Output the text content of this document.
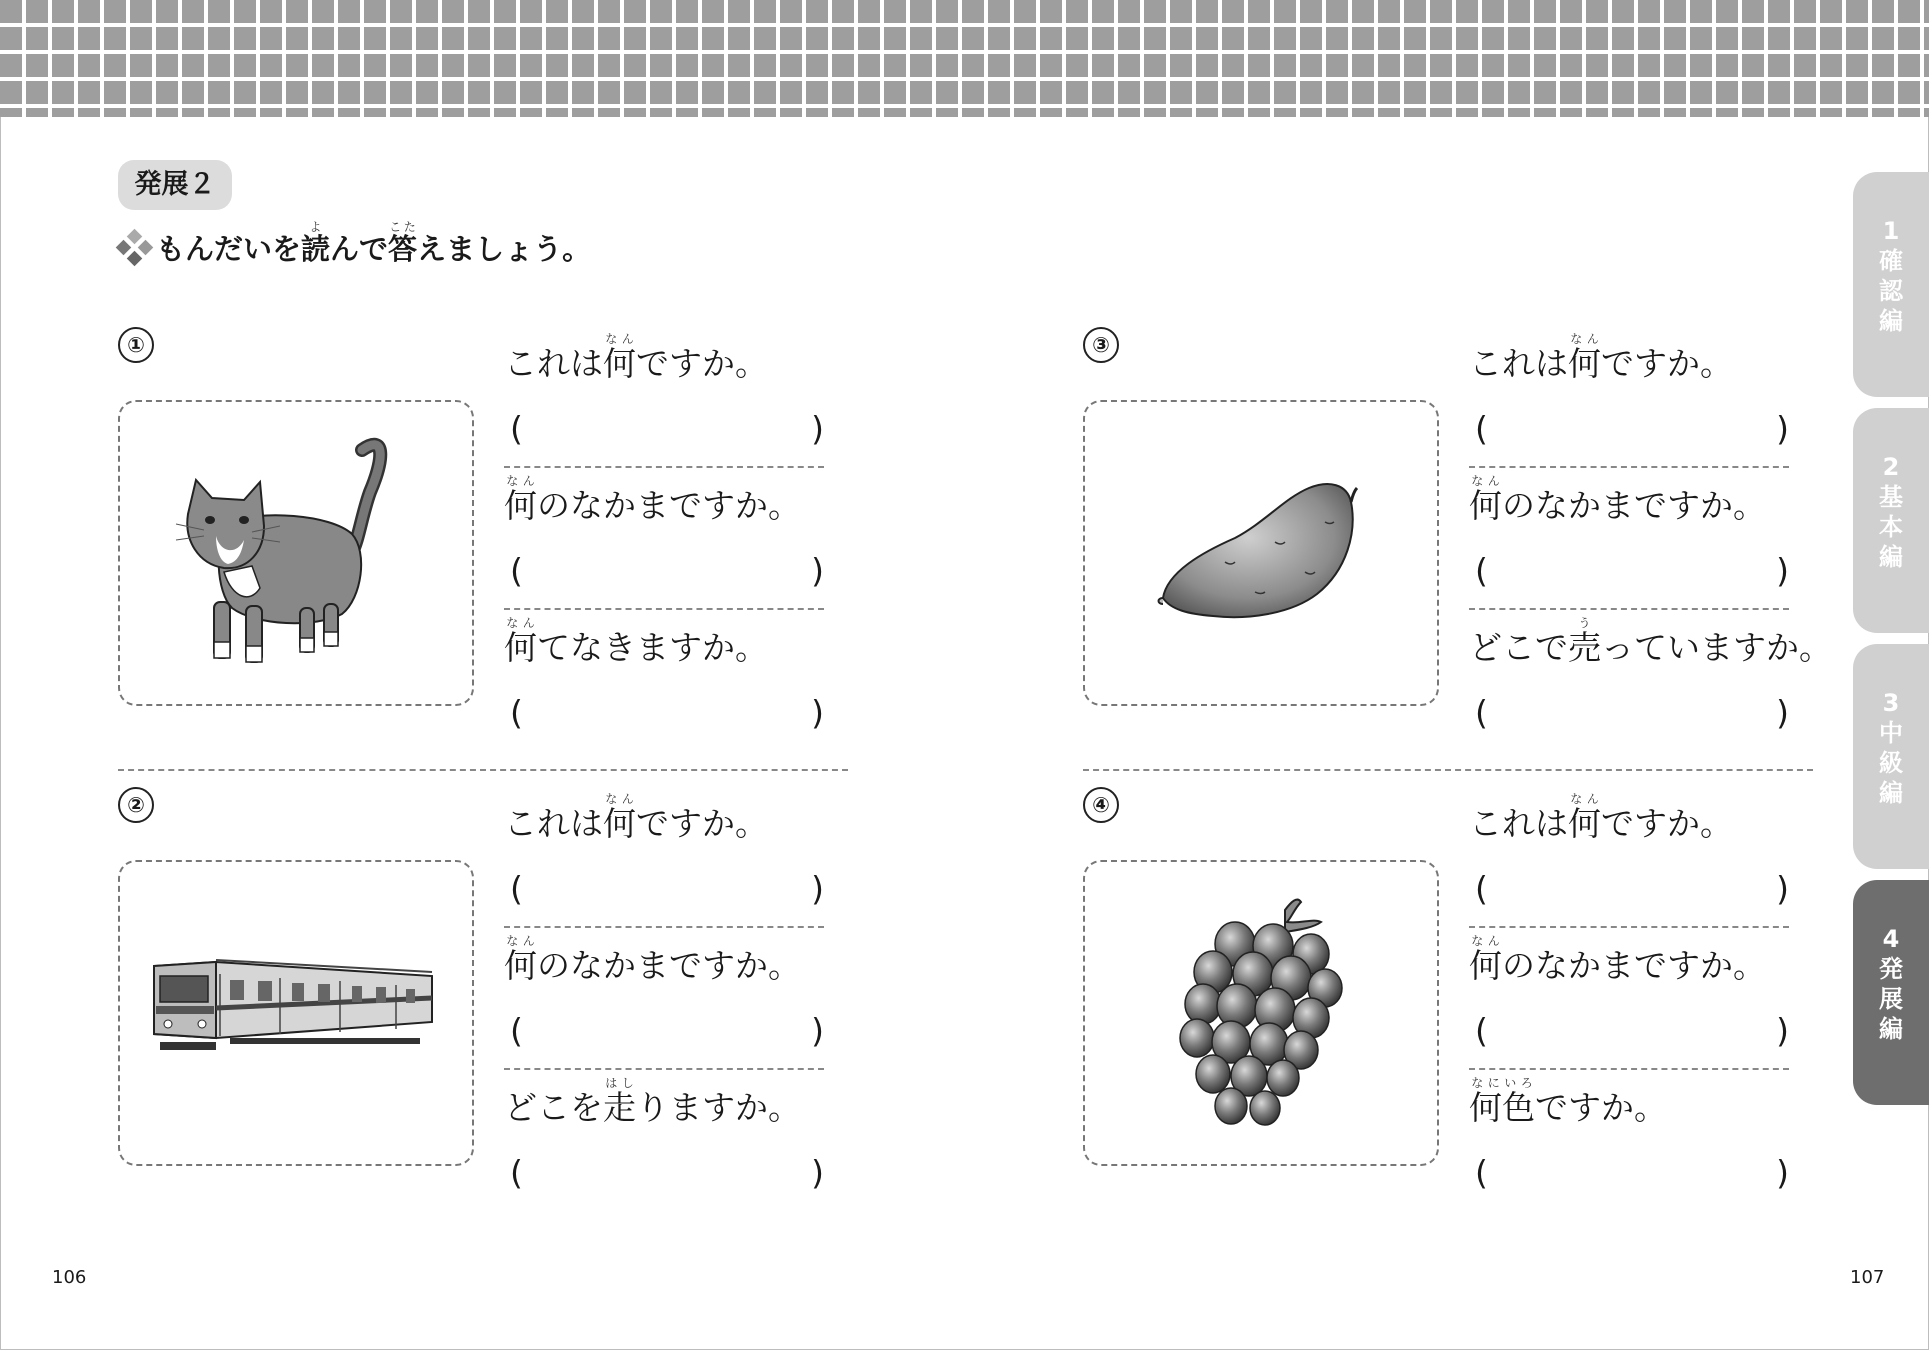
発展２
もんだいを読よんで答こたえましょう。
①	これは何なんですか。
(	)
何なんのなかまですか。
(	)
何なんてなきますか。
(	)
②	これは何なんですか。
(	)
何なんのなかまですか。
(	)
どこを走はしりますか。
(	)
③	これは何なんですか。
(	)
何なんのなかまですか。
(	)
どこで売うっていますか。
(	)
④	これは何なんですか。
(	)
何なんのなかまですか。
(	)
何色なにいろですか。
(	)
1
確
認
編
2
基
本
編
3
中
級
編
4
発
展
編
106	107
